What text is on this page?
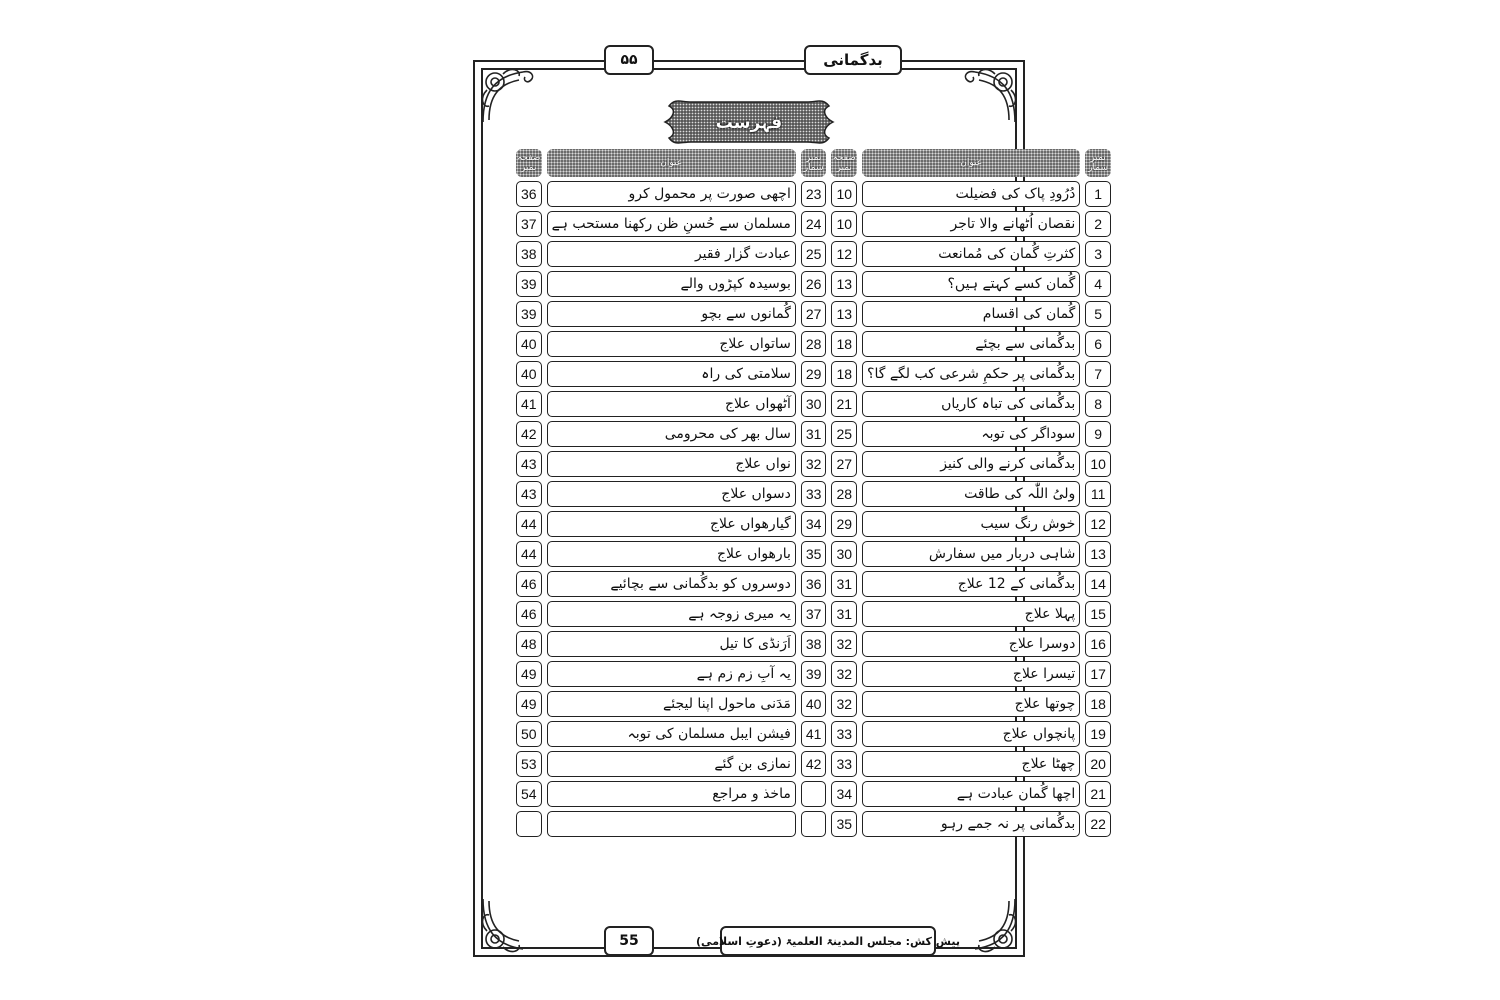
۵۵	بدگمانی
فہرست
نمبر شمار	عنوان	صفحہ نمبر	نمبر شمار	عنوان	صفحہ نمبر
1	دُرُودِ پاک کی فضیلت	10	23	اچھی صورت پر محمول کرو	36
2	نقصان اُٹھانے والا تاجر	10	24	مسلمان سے حُسنِ ظن رکھنا مستحب ہے	37
3	کثرتِ گُمان کی مُمانعت	12	25	عبادت گزار فقیر	38
4	گُمان کسے کہتے ہیں؟	13	26	بوسیدہ کپڑوں والے	39
5	گُمان کی اقسام	13	27	گُمانوں سے بچو	39
6	بدگُمانی سے بچئے	18	28	ساتواں علاج	40
7	بدگُمانی پر حکمِ شرعی کب لگے گا؟	18	29	سلامتی کی راہ	40
8	بدگُمانی کی تباہ کاریاں	21	30	آٹھواں علاج	41
9	سوداگر کی توبہ	25	31	سال بھر کی محرومی	42
10	بدگُمانی کرنے والی کنیز	27	32	نواں علاج	43
11	ولیُ اللّٰہ کی طاقت	28	33	دسواں علاج	43
12	خوش رنگ سیب	29	34	گیارھواں علاج	44
13	شاہی دربار میں سفارش	30	35	بارھواں علاج	44
14	بدگُمانی کے 12 علاج	31	36	دوسروں کو بدگُمانی سے بچائیے	46
15	پہلا علاج	31	37	یہ میری زوجہ ہے	46
16	دوسرا علاج	32	38	اَرَنڈی کا تیل	48
17	تیسرا علاج	32	39	یہ آبِ زم زم ہے	49
18	چوتھا علاج	32	40	مَدَنی ماحول اپنا لیجئے	49
19	پانچواں علاج	33	41	فیشن ایبل مسلمان کی توبہ	50
20	چھٹا علاج	33	42	نمازی بن گئے	53
21	اچھا گُمان عبادت ہے	34		ماخذ و مراجع	54
22	بدگُمانی پر نہ جمے رہو	35			
55	پیش کش: مجلس المدینۃ العلمیۃ (دعوتِ اسلامی)
